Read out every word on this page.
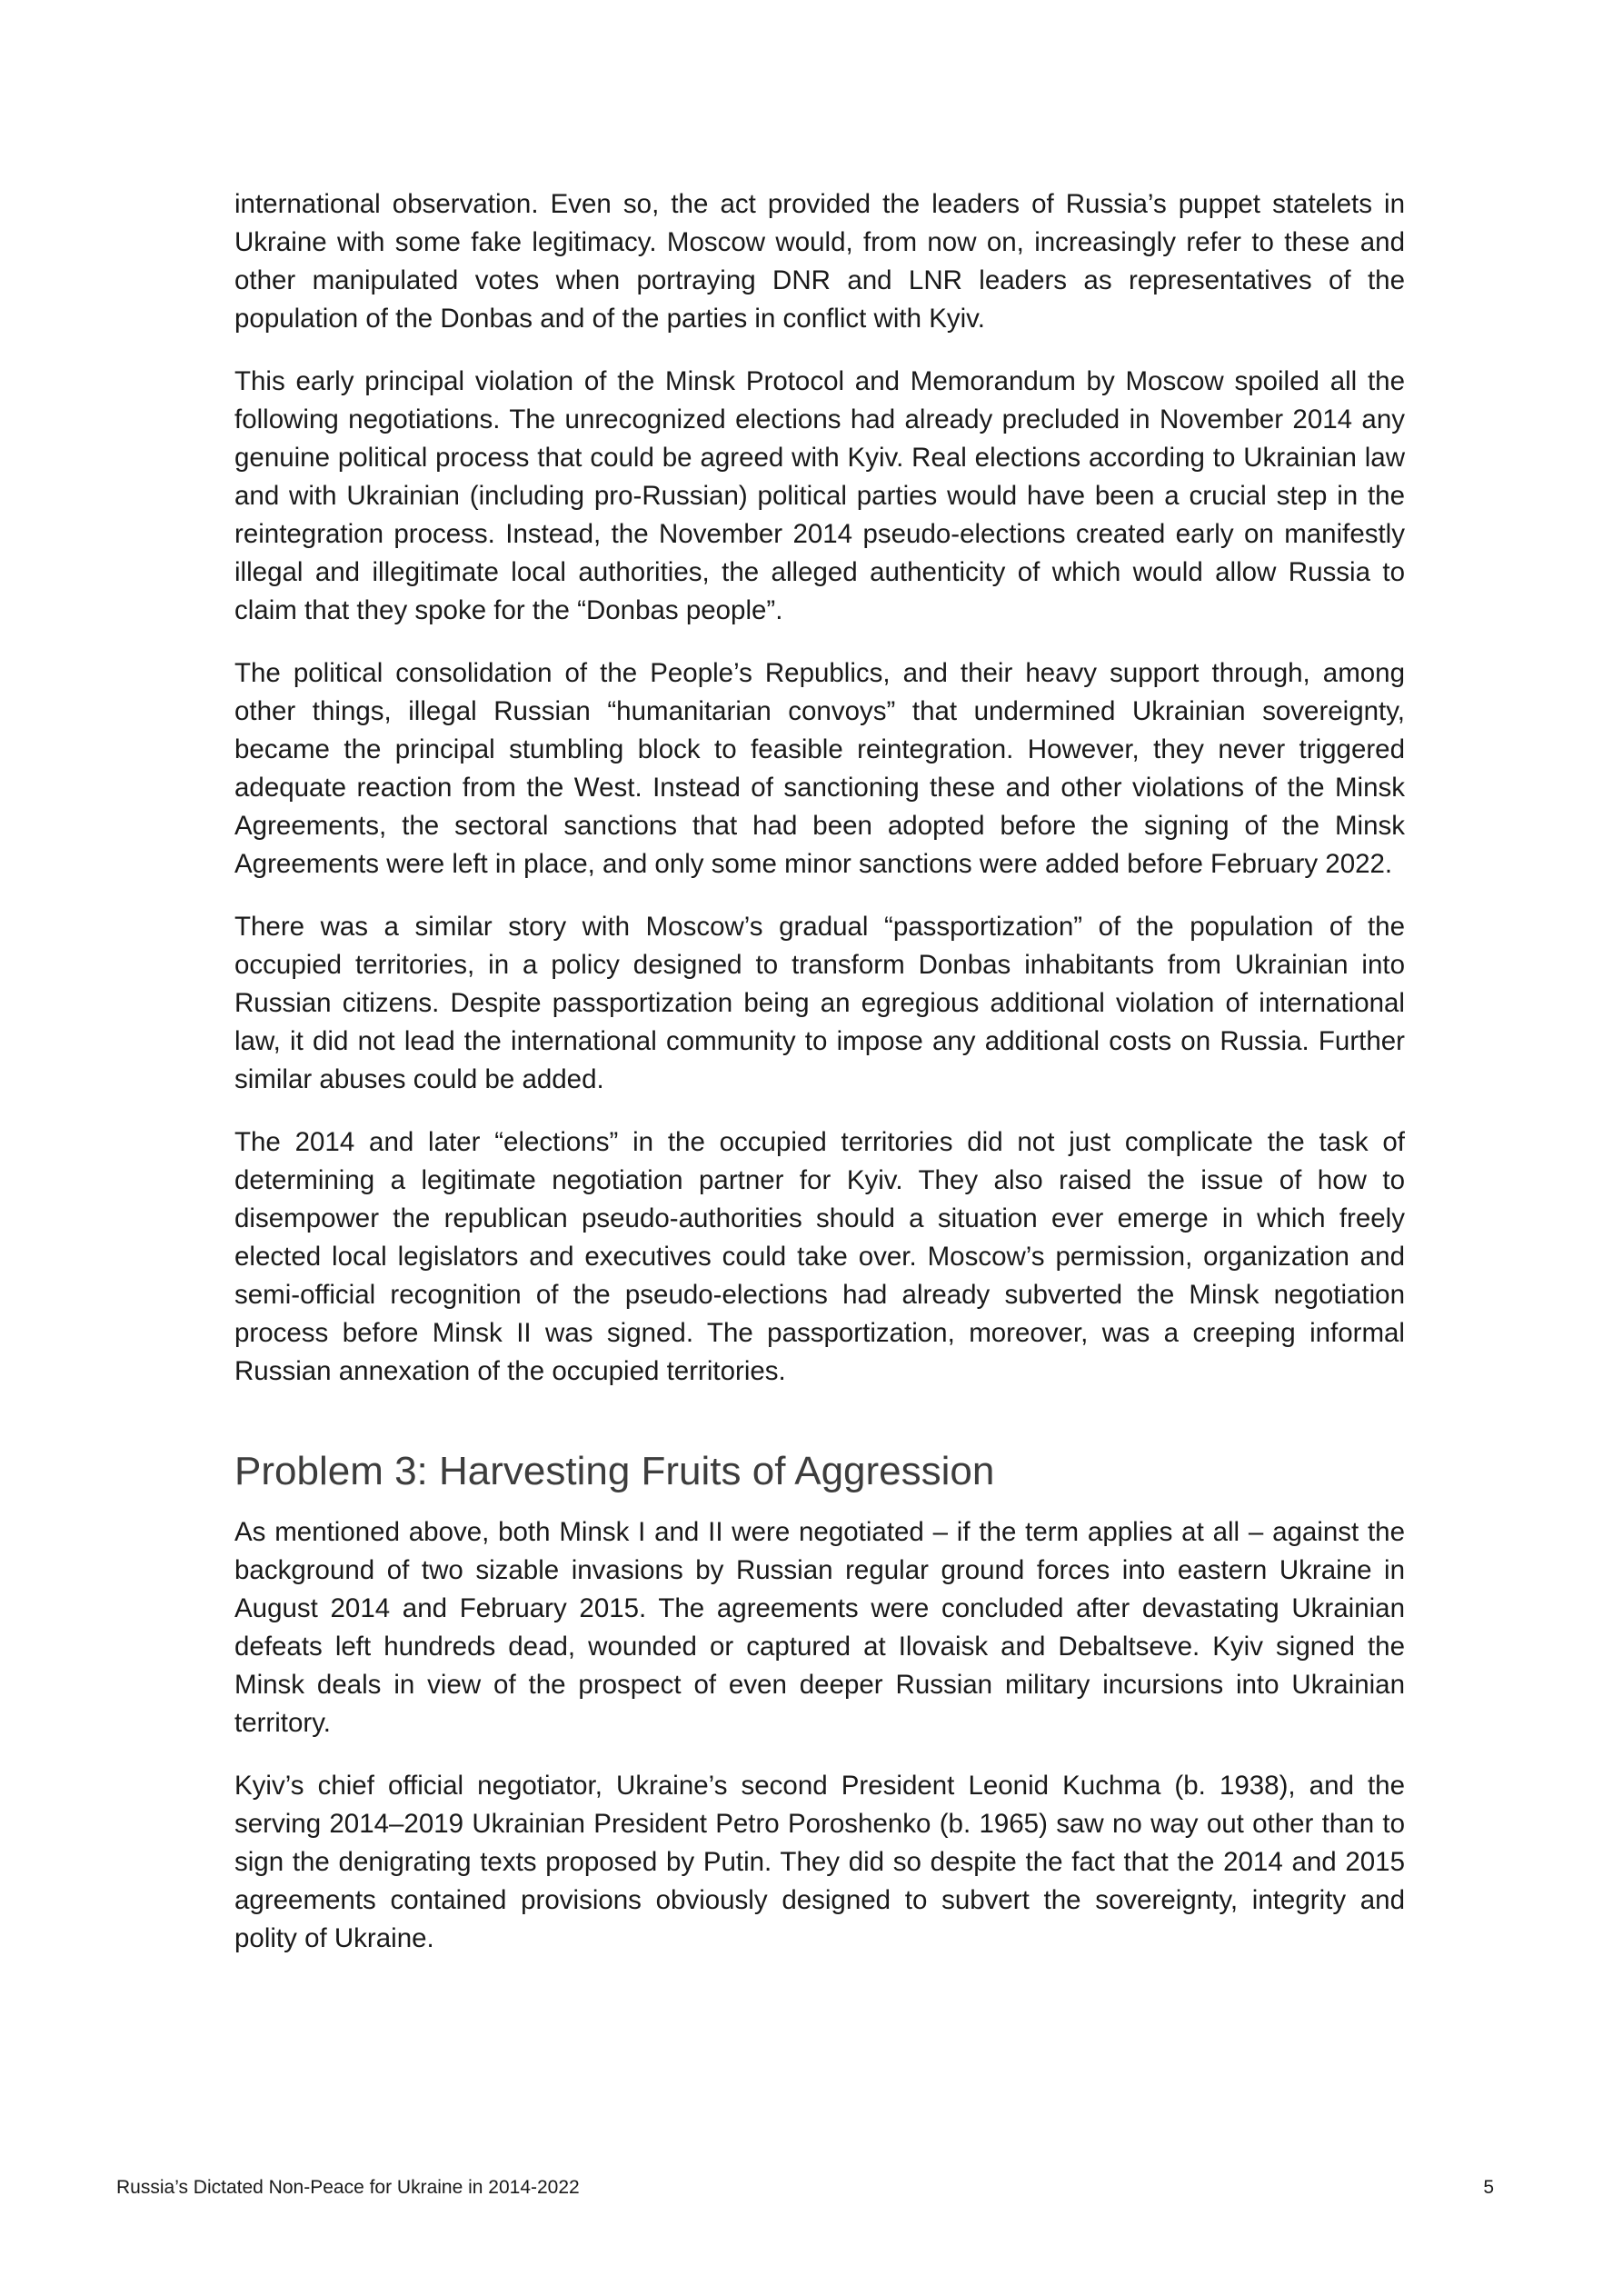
international observation. Even so, the act provided the leaders of Russia’s puppet statelets in Ukraine with some fake legitimacy. Moscow would, from now on, increasingly refer to these and other manipulated votes when portraying DNR and LNR leaders as representatives of the population of the Donbas and of the parties in conflict with Kyiv.

This early principal violation of the Minsk Protocol and Memorandum by Moscow spoiled all the following negotiations. The unrecognized elections had already precluded in November 2014 any genuine political process that could be agreed with Kyiv. Real elections according to Ukrainian law and with Ukrainian (including pro-Russian) political parties would have been a crucial step in the reintegration process. Instead, the November 2014 pseudo-elections created early on manifestly illegal and illegitimate local authorities, the alleged authenticity of which would allow Russia to claim that they spoke for the “Donbas people”.

The political consolidation of the People’s Republics, and their heavy support through, among other things, illegal Russian “humanitarian convoys” that undermined Ukrainian sovereignty, became the principal stumbling block to feasible reintegration. However, they never triggered adequate reaction from the West. Instead of sanctioning these and other violations of the Minsk Agreements, the sectoral sanctions that had been adopted before the signing of the Minsk Agreements were left in place, and only some minor sanctions were added before February 2022.

There was a similar story with Moscow’s gradual “passportization” of the population of the occupied territories, in a policy designed to transform Donbas inhabitants from Ukrainian into Russian citizens. Despite passportization being an egregious additional violation of international law, it did not lead the international community to impose any additional costs on Russia. Further similar abuses could be added.

The 2014 and later “elections” in the occupied territories did not just complicate the task of determining a legitimate negotiation partner for Kyiv. They also raised the issue of how to disempower the republican pseudo-authorities should a situation ever emerge in which freely elected local legislators and executives could take over. Moscow’s permission, organization and semi-official recognition of the pseudo-elections had already subverted the Minsk negotiation process before Minsk II was signed. The passportization, moreover, was a creeping informal Russian annexation of the occupied territories.

Problem 3: Harvesting Fruits of Aggression

As mentioned above, both Minsk I and II were negotiated – if the term applies at all – against the background of two sizable invasions by Russian regular ground forces into eastern Ukraine in August 2014 and February 2015. The agreements were concluded after devastating Ukrainian defeats left hundreds dead, wounded or captured at Ilovaisk and Debaltseve. Kyiv signed the Minsk deals in view of the prospect of even deeper Russian military incursions into Ukrainian territory.

Kyiv’s chief official negotiator, Ukraine’s second President Leonid Kuchma (b. 1938), and the serving 2014–2019 Ukrainian President Petro Poroshenko (b. 1965) saw no way out other than to sign the denigrating texts proposed by Putin. They did so despite the fact that the 2014 and 2015 agreements contained provisions obviously designed to subvert the sovereignty, integrity and polity of Ukraine.

Russia’s Dictated Non-Peace for Ukraine in 2014-2022	5
